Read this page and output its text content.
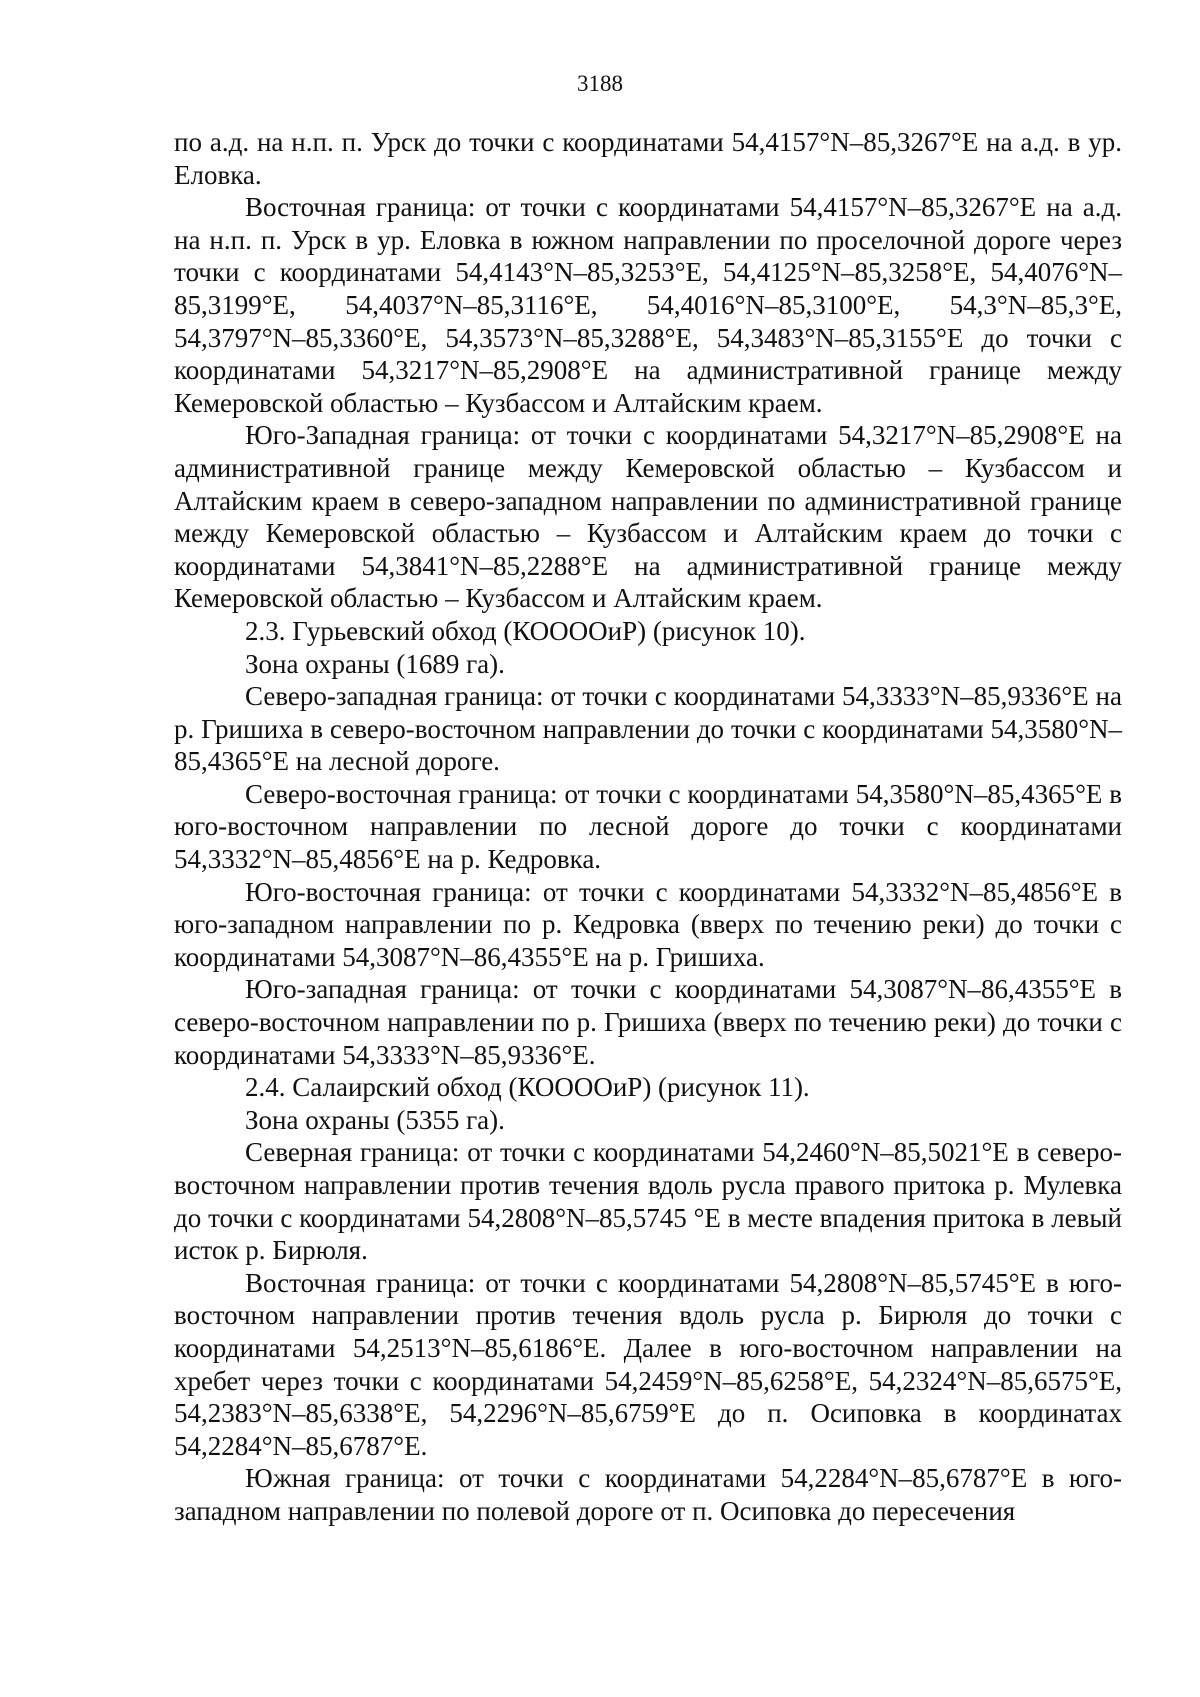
3188

по а.д. на н.п. п. Урск до точки с координатами 54,4157°N–85,3267°E на а.д. в ур. Еловка.

Восточная граница: от точки с координатами 54,4157°N–85,3267°E на а.д. на н.п. п. Урск в ур. Еловка в южном направлении по проселочной дороге через точки с координатами 54,4143°N–85,3253°E, 54,4125°N–85,3258°E, 54,4076°N–85,3199°E, 54,4037°N–85,3116°E, 54,4016°N–85,3100°E, 54,3°N–85,3°E, 54,3797°N–85,3360°E, 54,3573°N–85,3288°E, 54,3483°N–85,3155°E до точки с координатами 54,3217°N–85,2908°E на административной границе между Кемеровской областью – Кузбассом и Алтайским краем.

Юго-Западная граница: от точки с координатами 54,3217°N–85,2908°E на административной границе между Кемеровской областью – Кузбассом и Алтайским краем в северо-западном направлении по административной границе между Кемеровской областью – Кузбассом и Алтайским краем до точки с координатами 54,3841°N–85,2288°E на административной границе между Кемеровской областью – Кузбассом и Алтайским краем.

2.3. Гурьевский обход (КООООиР) (рисунок 10).

Зона охраны (1689 га).

Северо-западная граница: от точки с координатами 54,3333°N–85,9336°E на р. Гришиха в северо-восточном направлении до точки с координатами 54,3580°N–85,4365°E на лесной дороге.

Северо-восточная граница: от точки с координатами 54,3580°N–85,4365°E в юго-восточном направлении по лесной дороге до точки с координатами 54,3332°N–85,4856°E на р. Кедровка.

Юго-восточная граница: от точки с координатами 54,3332°N–85,4856°E в юго-западном направлении по р. Кедровка (вверх по течению реки) до точки с координатами 54,3087°N–86,4355°E на р. Гришиха.

Юго-западная граница: от точки с координатами 54,3087°N–86,4355°E в северо-восточном направлении по р. Гришиха (вверх по течению реки) до точки с координатами 54,3333°N–85,9336°E.

2.4. Салаирский обход (КООООиР) (рисунок 11).

Зона охраны (5355 га).

Северная граница: от точки с координатами 54,2460°N–85,5021°E в северо-восточном направлении против течения вдоль русла правого притока р. Мулевка до точки с координатами 54,2808°N–85,5745 °E в месте впадения притока в левый исток р. Бирюля.

Восточная граница: от точки с координатами 54,2808°N–85,5745°E в юго-восточном направлении против течения вдоль русла р. Бирюля до точки с координатами 54,2513°N–85,6186°E. Далее в юго-восточном направлении на хребет через точки с координатами 54,2459°N–85,6258°E, 54,2324°N–85,6575°E, 54,2383°N–85,6338°E, 54,2296°N–85,6759°E до п. Осиповка в координатах 54,2284°N–85,6787°E.

Южная граница: от точки с координатами 54,2284°N–85,6787°E в юго-западном направлении по полевой дороге от п. Осиповка до пересечения
